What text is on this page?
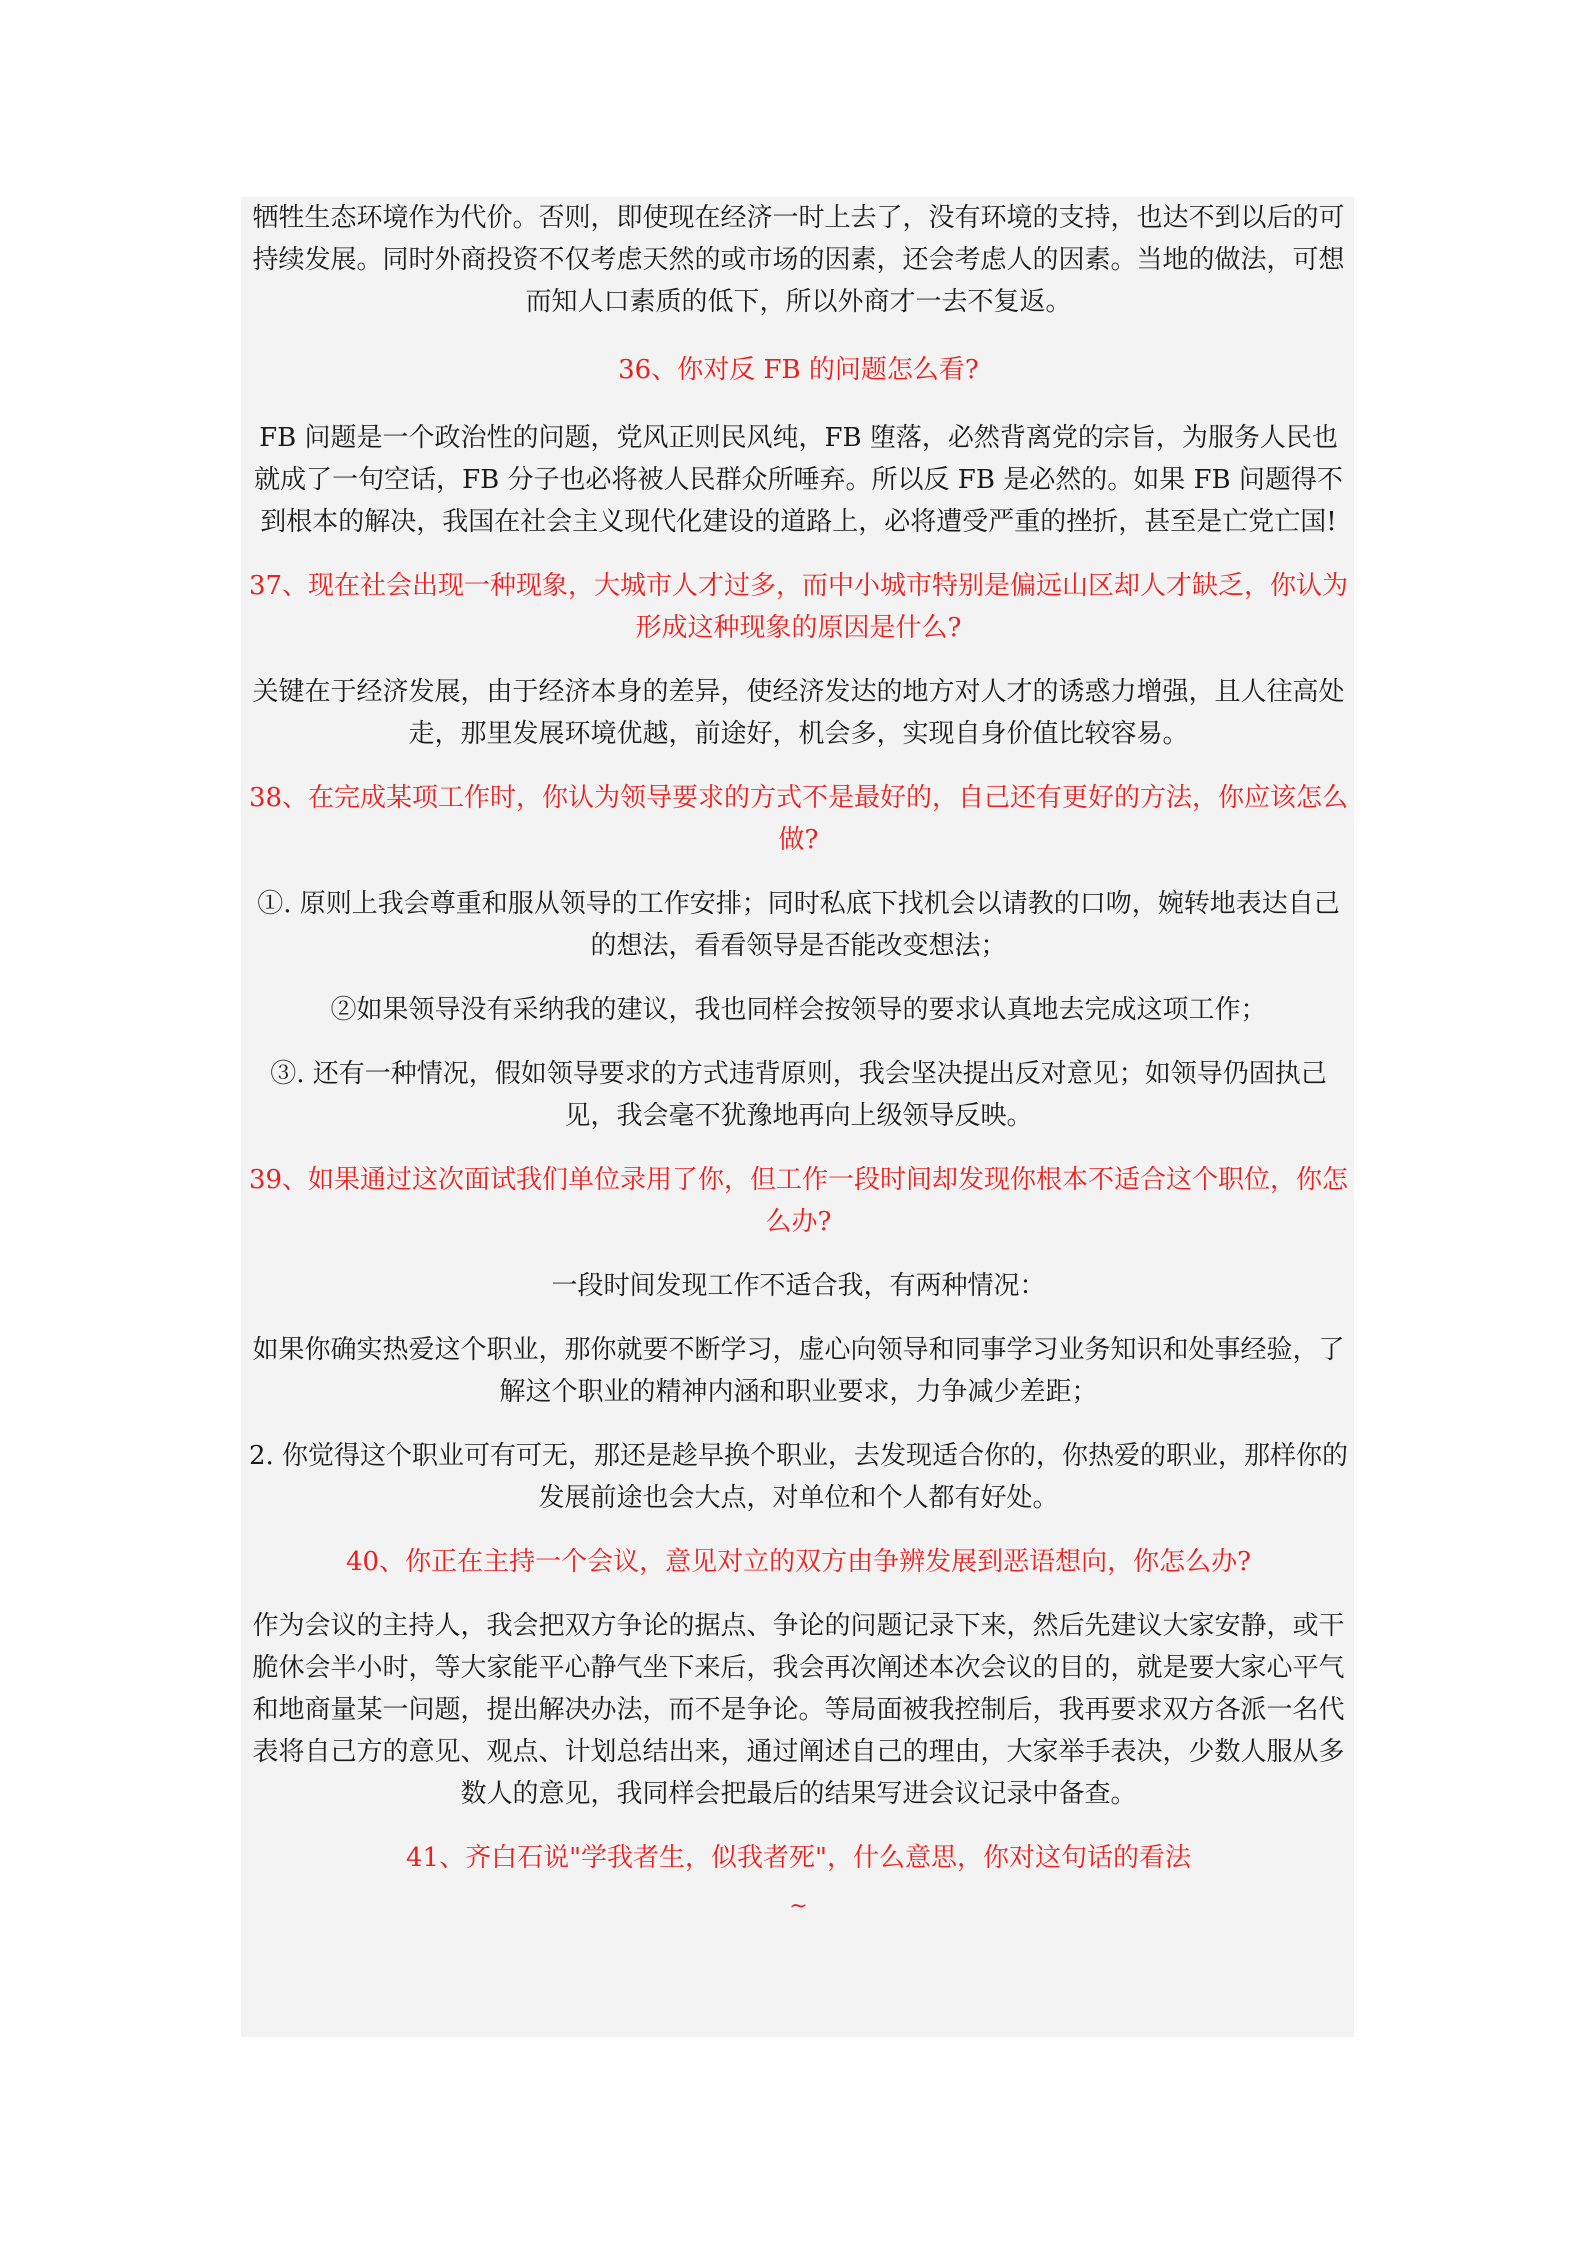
牺牲生态环境作为代价。否则，即使现在经济一时上去了，没有环境的支持，也达不到以后的可持续发展。同时外商投资不仅考虑天然的或市场的因素，还会考虑人的因素。当地的做法，可想而知人口素质的低下，所以外商才一去不复返。

36、你对反 FB 的问题怎么看?

FB 问题是一个政治性的问题，党风正则民风纯，FB 堕落，必然背离党的宗旨，为服务人民也就成了一句空话，FB 分子也必将被人民群众所唾弃。所以反 FB 是必然的。如果 FB 问题得不到根本的解决，我国在社会主义现代化建设的道路上，必将遭受严重的挫折，甚至是亡党亡国!

37、现在社会出现一种现象，大城市人才过多，而中小城市特别是偏远山区却人才缺乏，你认为形成这种现象的原因是什么?

关键在于经济发展，由于经济本身的差异，使经济发达的地方对人才的诱惑力增强，且人往高处走，那里发展环境优越，前途好，机会多，实现自身价值比较容易。

38、在完成某项工作时，你认为领导要求的方式不是最好的，自己还有更好的方法，你应该怎么做?

①. 原则上我会尊重和服从领导的工作安排；同时私底下找机会以请教的口吻，婉转地表达自己的想法，看看领导是否能改变想法；

②如果领导没有采纳我的建议，我也同样会按领导的要求认真地去完成这项工作；

③. 还有一种情况，假如领导要求的方式违背原则，我会坚决提出反对意见；如领导仍固执己见，我会毫不犹豫地再向上级领导反映。

39、如果通过这次面试我们单位录用了你，但工作一段时间却发现你根本不适合这个职位，你怎么办?

一段时间发现工作不适合我，有两种情况：

如果你确实热爱这个职业，那你就要不断学习，虚心向领导和同事学习业务知识和处事经验，了解这个职业的精神内涵和职业要求，力争减少差距；

2. 你觉得这个职业可有可无，那还是趁早换个职业，去发现适合你的，你热爱的职业，那样你的发展前途也会大点，对单位和个人都有好处。

40、你正在主持一个会议，意见对立的双方由争辨发展到恶语想向，你怎么办?

作为会议的主持人，我会把双方争论的据点、争论的问题记录下来，然后先建议大家安静，或干脆休会半小时，等大家能平心静气坐下来后，我会再次阐述本次会议的目的，就是要大家心平气和地商量某一问题，提出解决办法，而不是争论。等局面被我控制后，我再要求双方各派一名代表将自己方的意见、观点、计划总结出来，通过阐述自己的理由，大家举手表决，少数人服从多数人的意见，我同样会把最后的结果写进会议记录中备查。

41、齐白石说"学我者生，似我者死"，什么意思，你对这句话的看法

~
